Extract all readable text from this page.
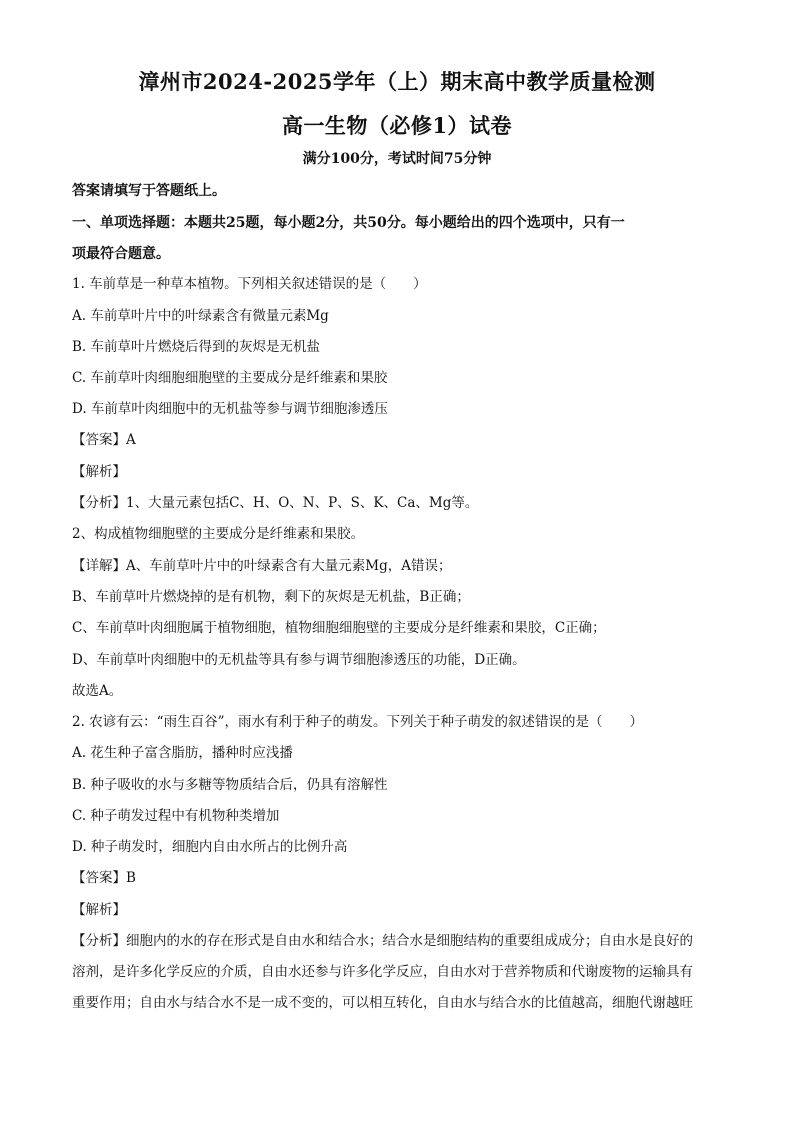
漳州市2024-2025学年（上）期末高中教学质量检测
高一生物（必修1）试卷
满分100分，考试时间75分钟
答案请填写于答题纸上。
一、单项选择题：本题共25题，每小题2分，共50分。每小题给出的四个选项中，只有一
项最符合题意。
1. 车前草是一种草本植物。下列相关叙述错误的是（　　）
A. 车前草叶片中的叶绿素含有微量元素Mg
B. 车前草叶片燃烧后得到的灰烬是无机盐
C. 车前草叶肉细胞细胞壁的主要成分是纤维素和果胶
D. 车前草叶肉细胞中的无机盐等参与调节细胞渗透压
【答案】A
【解析】
【分析】1、大量元素包括C、H、O、N、P、S、K、Ca、Mg等。
2、构成植物细胞壁的主要成分是纤维素和果胶。
【详解】A、车前草叶片中的叶绿素含有大量元素Mg，A错误；
B、车前草叶片燃烧掉的是有机物，剩下的灰烬是无机盐，B正确；
C、车前草叶肉细胞属于植物细胞，植物细胞细胞壁的主要成分是纤维素和果胶，C正确；
D、车前草叶肉细胞中的无机盐等具有参与调节细胞渗透压的功能，D正确。
故选A。
2. 农谚有云：“雨生百谷”，雨水有利于种子的萌发。下列关于种子萌发的叙述错误的是（　　）
A. 花生种子富含脂肪，播种时应浅播
B. 种子吸收的水与多糖等物质结合后，仍具有溶解性
C. 种子萌发过程中有机物种类增加
D. 种子萌发时，细胞内自由水所占的比例升高
【答案】B
【解析】
【分析】细胞内的水的存在形式是自由水和结合水；结合水是细胞结构的重要组成成分；自由水是良好的
溶剂，是许多化学反应的介质，自由水还参与许多化学反应，自由水对于营养物质和代谢废物的运输具有
重要作用；自由水与结合水不是一成不变的，可以相互转化，自由水与结合水的比值越高，细胞代谢越旺
